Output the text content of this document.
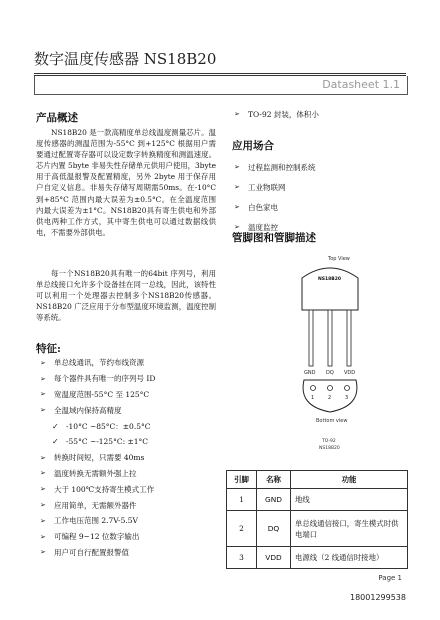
数字温度传感器 NS18B20
Datasheet 1.1
产品概述
NS18B20 是一款高精度单总线温度测量芯片。温度传感器的测温范围为-55°C 到+125°C 根据用户需要通过配置寄存器可以设定数字转换精度和测温速度。芯片内置 5byte 非易失性存储单元供用户使用，3byte 用于高低温报警及配置精度，另外 2byte 用于保存用户自定义信息。非易失存储写周期需50ms。在-10°C 到+85°C 范围内最大误差为±0.5°C。在全温度范围内最大误差为±1°C。NS18B20具有寄生供电和外部供电两种工作方式，其中寄生供电可以通过数据线供电，不需要外部供电。
每一个NS18B20具有唯一的64bit 序列号，利用单总线接口允许多个设备挂在同一总线，因此，该特性可以利用一个处理器去控制多个NS18B20传感器。NS18B20 广泛应用于分布型温度环境监测，温度控制等系统。
特征:
➢	单总线通讯，节约布线资源
➢	每个器件具有唯一的序列号 ID
➢	宽温度范围-55°C 至 125°C
➢	全温域内保持高精度
✓ -10°C ~85°C：±0.5°C
✓ -55°C ~-125°C: ±1°C
➢	转换时间短，只需要 40ms
➢	温度转换无需额外强上拉
➢	大于 100℃支持寄生模式工作
➢	应用简单，无需额外器件
➢	工作电压范围 2.7V-5.5V
➢	可编程 9~12 位数字输出
➢	用户可自行配置报警值
➢	TO-92 封装，体积小
应用场合
➢	过程监测和控制系统
➢	工业物联网
➢	白色家电
➢	温度监控
管脚图和管脚描述
Top View
NS18B20
GND DQ VDD
1	2	3
Bottom view
TO-92
NS18B20
引脚	名称	功能
1	GND	地线
2	DQ	单总线通信接口，寄生模式时供电端口
3	VDD	电源线（2 线通信时接地）
Page 1
18001299538
